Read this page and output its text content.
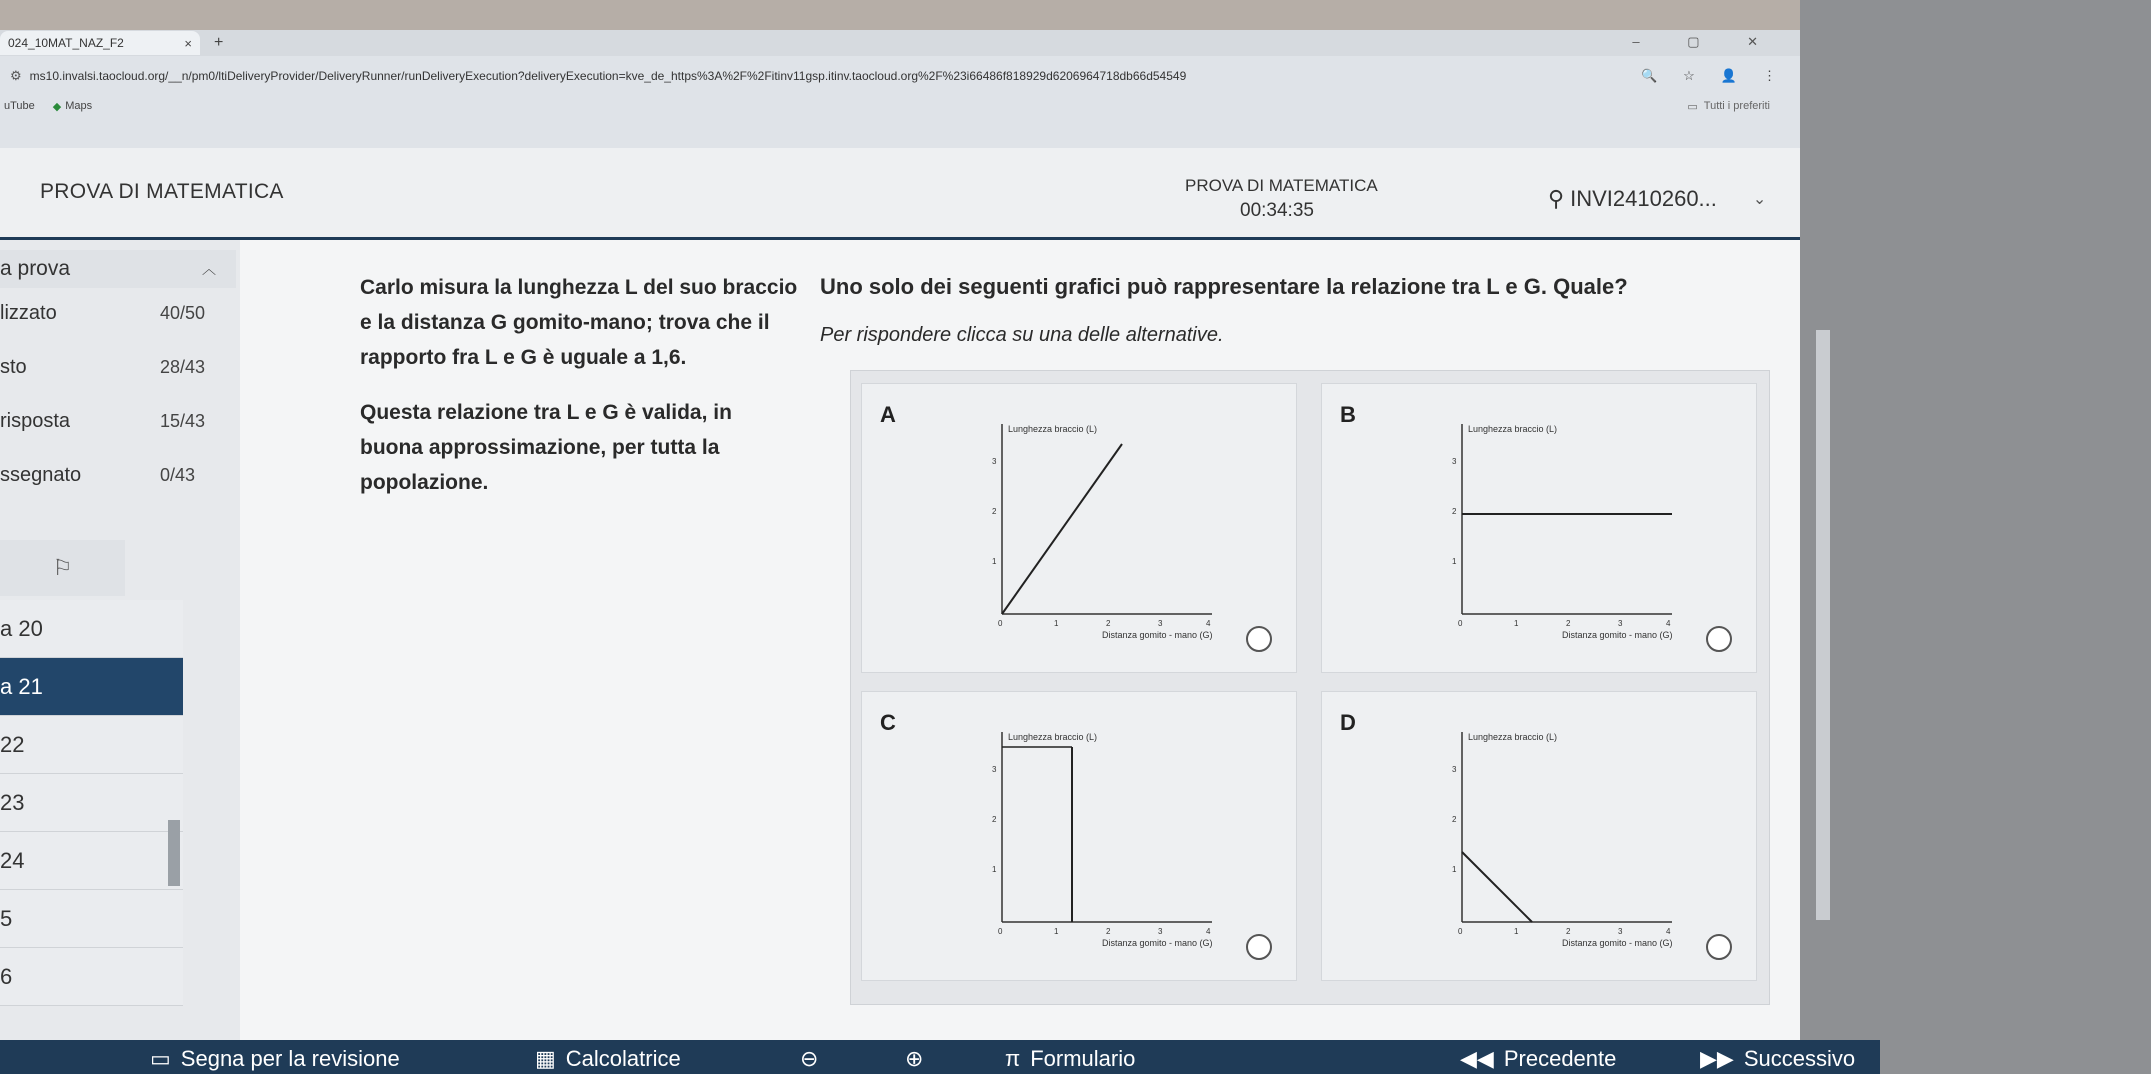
024_10MAT_NAZ_F2	× +	– ▢ ✕
⚙ ms10.invalsi.taocloud.org/__n/pm0/ltiDeliveryProvider/DeliveryRunner/runDeliveryExecution?deliveryExecution=kve_de_https%3A%2F%2Fitinv11gsp.itinv.taocloud.org%2F%23i66486f818929d6206964718db66d54549	🔍 ☆ 👤 ⋮
uTube ◆ Maps	▭ Tutti i preferiti
PROVA DI MATEMATICA	PROVA DI MATEMATICA
00:34:35	⚲ INVI2410260... ⌄
a prova	︿
lizzato	40/50
sto	28/43
risposta	15/43
ssegnato	0/43
⚐
a 20
a 21
22
23
24
5
6

Carlo misura la lunghezza L del suo braccio e la distanza G gomito-mano; trova che il rapporto fra L e G è uguale a 1,6.

Questa relazione tra L e G è valida, in buona approssimazione, per tutta la popolazione.

Uno solo dei seguenti grafici può rappresentare la relazione tra L e G. Quale?
Per rispondere clicca su una delle alternative.
A
Lunghezza braccio (L)
Distanza gomito - mano (G)
0	1	2	3	4
1
2
3
B
Lunghezza braccio (L)
Distanza gomito - mano (G)
0	1	2	3	4
1
2
3
C
Lunghezza braccio (L)
Distanza gomito - mano (G)
0	1	2	3	4
1
2
3
D
Lunghezza braccio (L)
Distanza gomito - mano (G)
0	1	2	3	4
1
2
3
▭ Segna per la revisione	▦ Calcolatrice	⊖	⊕	π Formulario	◀◀ Precedente	▶▶ Successivo
